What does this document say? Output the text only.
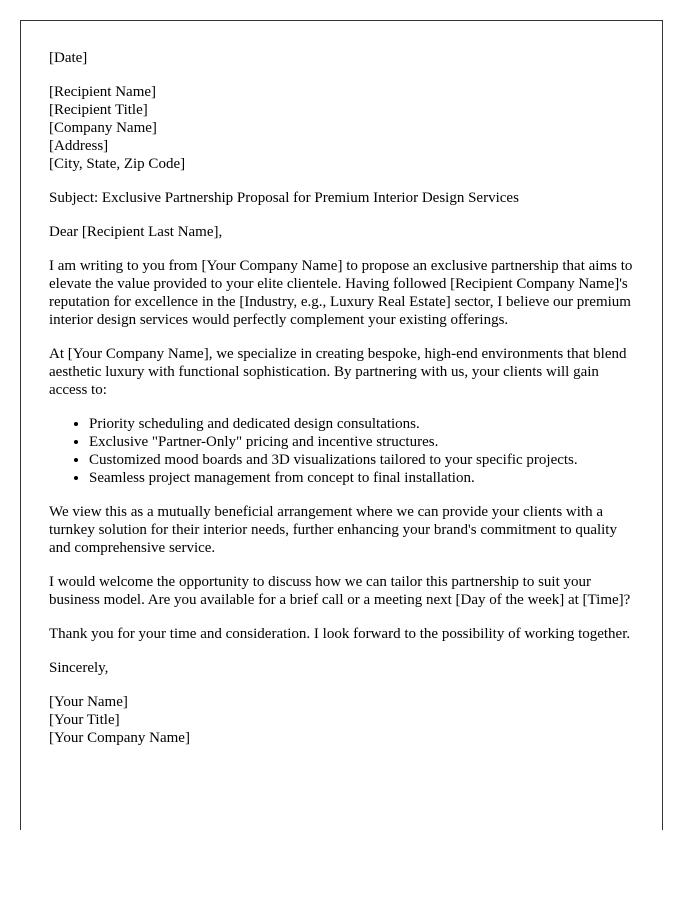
[Date]

[Recipient Name]
[Recipient Title]
[Company Name]
[Address]
[City, State, Zip Code]

Subject: Exclusive Partnership Proposal for Premium Interior Design Services

Dear [Recipient Last Name],

I am writing to you from [Your Company Name] to propose an exclusive partnership that aims to elevate the value provided to your elite clientele. Having followed [Recipient Company Name]'s reputation for excellence in the [Industry, e.g., Luxury Real Estate] sector, I believe our premium interior design services would perfectly complement your existing offerings.

At [Your Company Name], we specialize in creating bespoke, high-end environments that blend aesthetic luxury with functional sophistication. By partnering with us, your clients will gain access to:

• Priority scheduling and dedicated design consultations.
• Exclusive "Partner-Only" pricing and incentive structures.
• Customized mood boards and 3D visualizations tailored to your specific projects.
• Seamless project management from concept to final installation.

We view this as a mutually beneficial arrangement where we can provide your clients with a turnkey solution for their interior needs, further enhancing your brand's commitment to quality and comprehensive service.

I would welcome the opportunity to discuss how we can tailor this partnership to suit your business model. Are you available for a brief call or a meeting next [Day of the week] at [Time]?

Thank you for your time and consideration. I look forward to the possibility of working together.

Sincerely,

[Your Name]
[Your Title]
[Your Company Name]
